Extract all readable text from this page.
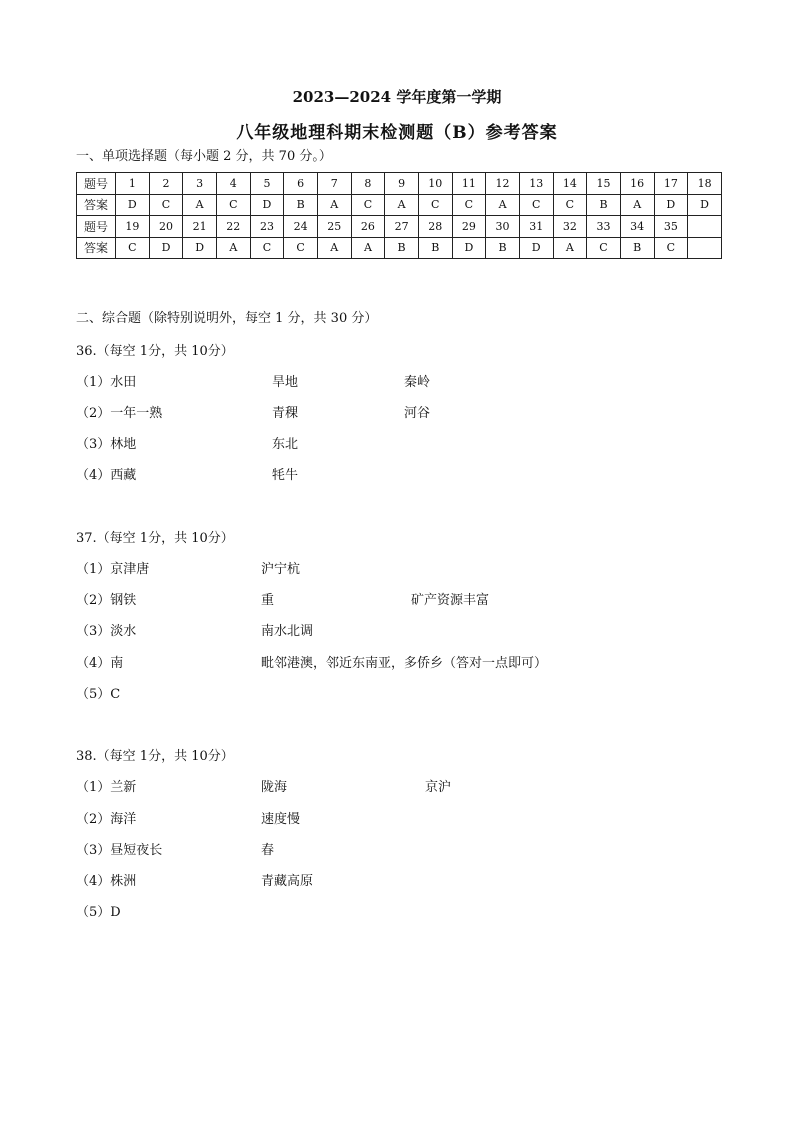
2023—2024 学年度第一学期
八年级地理科期末检测题（B）参考答案
一、单项选择题（每小题 2 分，共 70 分。）
题号	1	2	3	4	5	6	7	8	9	10	11	12	13	14	15	16	17	18
答案	D	C	A	C	D	B	A	C	A	C	C	A	C	C	B	A	D	D
题号	19	20	21	22	23	24	25	26	27	28	29	30	31	32	33	34	35	
答案	C	D	D	A	C	C	A	A	B	B	D	B	D	A	C	B	C	
二、综合题（除特别说明外，每空 1 分，共 30 分）
36.（每空 1分，共 10分）
（1）水田	旱地	秦岭
（2）一年一熟	青稞	河谷
（3）林地	东北
（4）西藏	牦牛
37.（每空 1分，共 10分）
（1）京津唐	沪宁杭
（2）钢铁	重	矿产资源丰富
（3）淡水	南水北调
（4）南	毗邻港澳，邻近东南亚，多侨乡（答对一点即可）
（5）C
38.（每空 1分，共 10分）
（1）兰新	陇海	京沪
（2）海洋	速度慢
（3）昼短夜长	春
（4）株洲	青藏高原
（5）D
